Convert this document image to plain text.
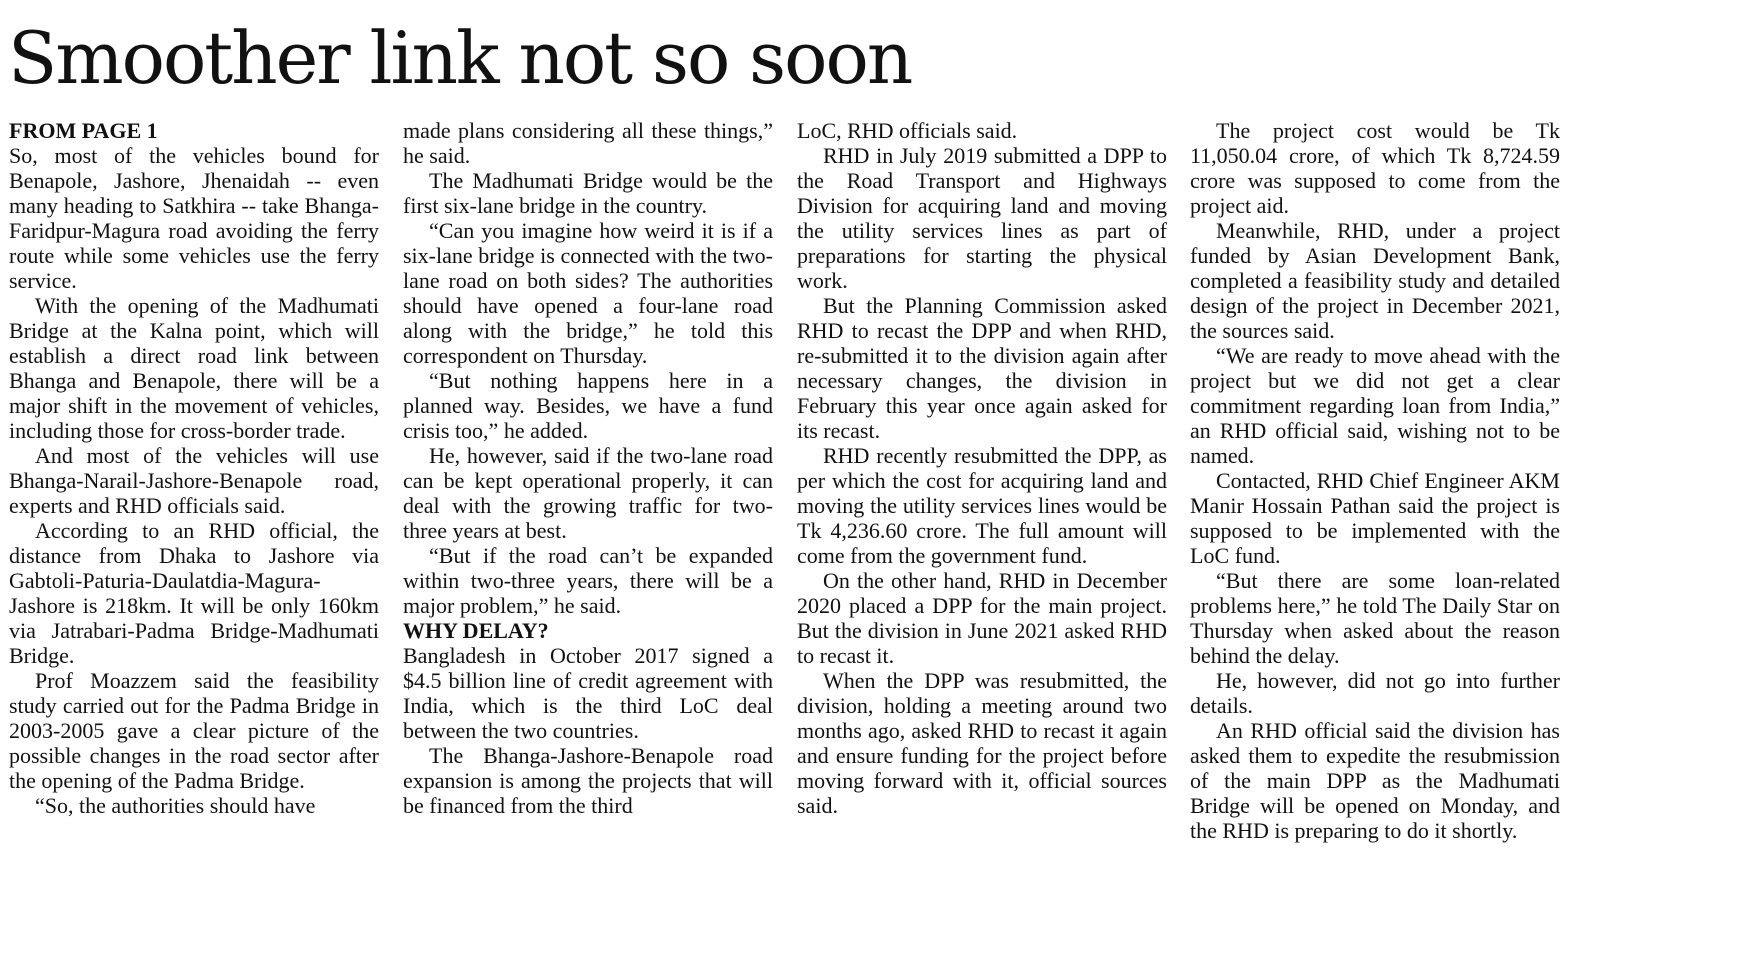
Smoother link not so soon
FROM PAGE 1

So, most of the vehicles bound for Benapole, Jashore, Jhenaidah -- even many heading to Satkhira -- take Bhanga-Faridpur-Magura road avoiding the ferry route while some vehicles use the ferry service.

With the opening of the Madhumati Bridge at the Kalna point, which will establish a direct road link between Bhanga and Benapole, there will be a major shift in the movement of vehicles, including those for cross-border trade.

And most of the vehicles will use Bhanga-Narail-Jashore-Benapole road, experts and RHD officials said.

According to an RHD official, the distance from Dhaka to Jashore via Gabtoli-Paturia-Daulatdia-Magura-Jashore is 218km. It will be only 160km via Jatrabari-Padma Bridge-Madhumati Bridge.

Prof Moazzem said the feasibility study carried out for the Padma Bridge in 2003-2005 gave a clear picture of the possible changes in the road sector after the opening of the Padma Bridge.

“So, the authorities should have

made plans considering all these things,” he said.

The Madhumati Bridge would be the first six-lane bridge in the country.

“Can you imagine how weird it is if a six-lane bridge is connected with the two-lane road on both sides? The authorities should have opened a four-lane road along with the bridge,” he told this correspondent on Thursday.

“But nothing happens here in a planned way. Besides, we have a fund crisis too,” he added.

He, however, said if the two-lane road can be kept operational properly, it can deal with the growing traffic for two-three years at best.

“But if the road can’t be expanded within two-three years, there will be a major problem,” he said.

WHY DELAY?

Bangladesh in October 2017 signed a $4.5 billion line of credit agreement with India, which is the third LoC deal between the two countries.

The Bhanga-Jashore-Benapole road expansion is among the projects that will be financed from the third

LoC, RHD officials said.

RHD in July 2019 submitted a DPP to the Road Transport and Highways Division for acquiring land and moving the utility services lines as part of preparations for starting the physical work.

But the Planning Commission asked RHD to recast the DPP and when RHD, re-submitted it to the division again after necessary changes, the division in February this year once again asked for its recast.

RHD recently resubmitted the DPP, as per which the cost for acquiring land and moving the utility services lines would be Tk 4,236.60 crore. The full amount will come from the government fund.

On the other hand, RHD in December 2020 placed a DPP for the main project. But the division in June 2021 asked RHD to recast it.

When the DPP was resubmitted, the division, holding a meeting around two months ago, asked RHD to recast it again and ensure funding for the project before moving forward with it, official sources said.

The project cost would be Tk 11,050.04 crore, of which Tk 8,724.59 crore was supposed to come from the project aid.

Meanwhile, RHD, under a project funded by Asian Development Bank, completed a feasibility study and detailed design of the project in December 2021, the sources said.

“We are ready to move ahead with the project but we did not get a clear commitment regarding loan from India,” an RHD official said, wishing not to be named.

Contacted, RHD Chief Engineer AKM Manir Hossain Pathan said the project is supposed to be implemented with the LoC fund.

“But there are some loan-related problems here,” he told The Daily Star on Thursday when asked about the reason behind the delay.

He, however, did not go into further details.

An RHD official said the division has asked them to expedite the resubmission of the main DPP as the Madhumati Bridge will be opened on Monday, and the RHD is preparing to do it shortly.
